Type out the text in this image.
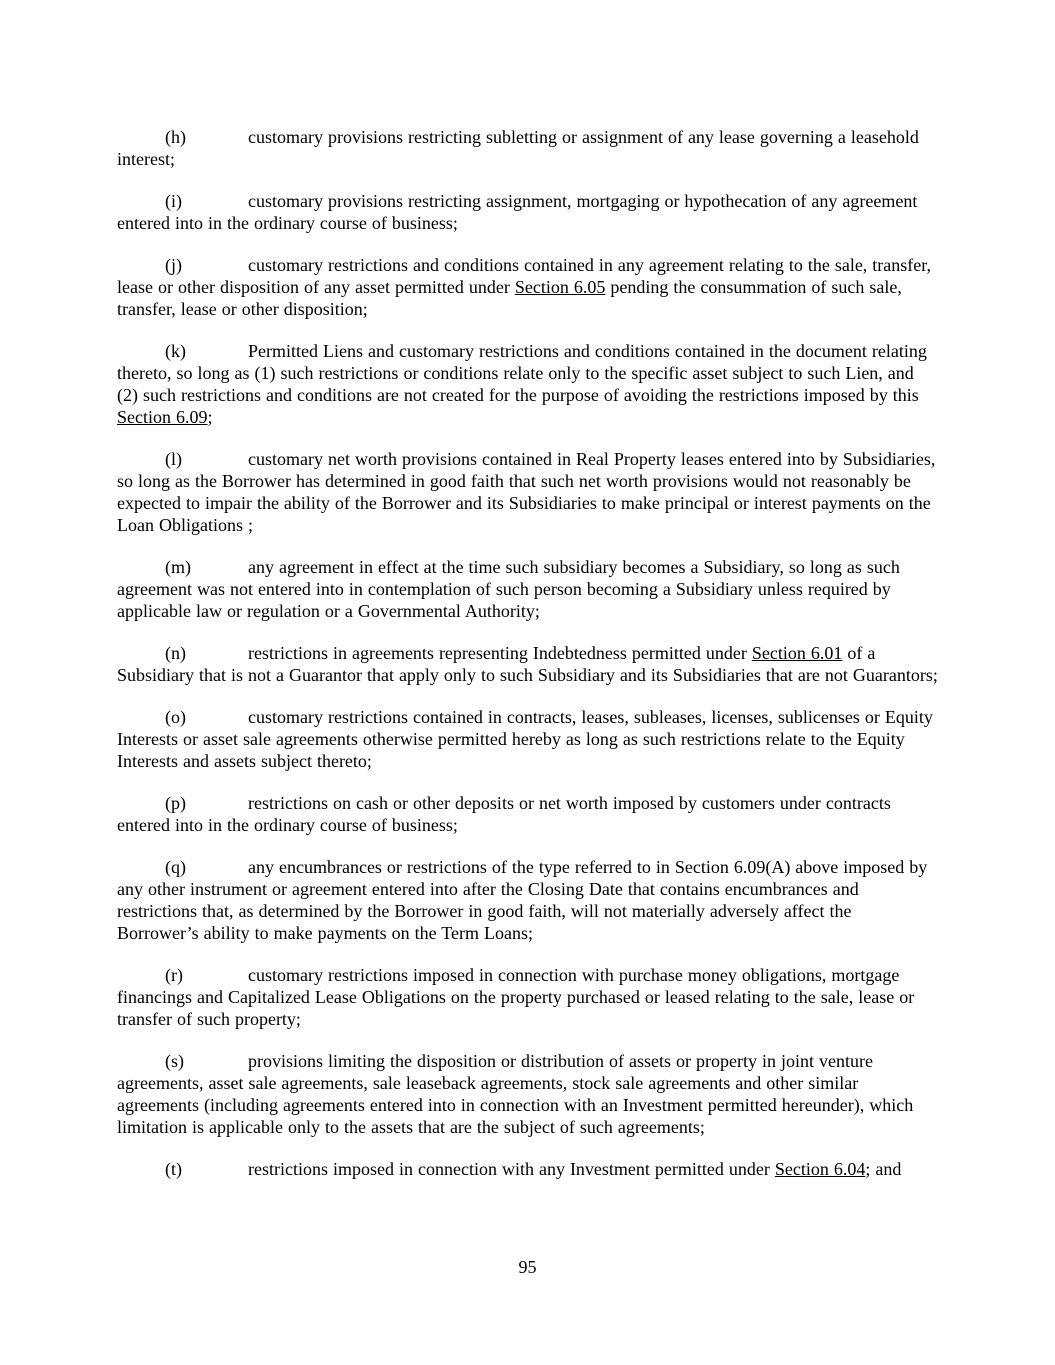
(h)	customary provisions restricting subletting or assignment of any lease governing a leasehold interest;

(i)	customary provisions restricting assignment, mortgaging or hypothecation of any agreement entered into in the ordinary course of business;

(j)	customary restrictions and conditions contained in any agreement relating to the sale, transfer, lease or other disposition of any asset permitted under Section 6.05 pending the consummation of such sale, transfer, lease or other disposition;

(k)	Permitted Liens and customary restrictions and conditions contained in the document relating thereto, so long as (1) such restrictions or conditions relate only to the specific asset subject to such Lien, and (2) such restrictions and conditions are not created for the purpose of avoiding the restrictions imposed by this Section 6.09;

(l)	customary net worth provisions contained in Real Property leases entered into by Subsidiaries, so long as the Borrower has determined in good faith that such net worth provisions would not reasonably be expected to impair the ability of the Borrower and its Subsidiaries to make principal or interest payments on the Loan Obligations ;

(m)	any agreement in effect at the time such subsidiary becomes a Subsidiary, so long as such agreement was not entered into in contemplation of such person becoming a Subsidiary unless required by applicable law or regulation or a Governmental Authority;

(n)	restrictions in agreements representing Indebtedness permitted under Section 6.01 of a Subsidiary that is not a Guarantor that apply only to such Subsidiary and its Subsidiaries that are not Guarantors;

(o)	customary restrictions contained in contracts, leases, subleases, licenses, sublicenses or Equity Interests or asset sale agreements otherwise permitted hereby as long as such restrictions relate to the Equity Interests and assets subject thereto;

(p)	restrictions on cash or other deposits or net worth imposed by customers under contracts entered into in the ordinary course of business;

(q)	any encumbrances or restrictions of the type referred to in Section 6.09(A) above imposed by any other instrument or agreement entered into after the Closing Date that contains encumbrances and restrictions that, as determined by the Borrower in good faith, will not materially adversely affect the Borrower’s ability to make payments on the Term Loans;

(r)	customary restrictions imposed in connection with purchase money obligations, mortgage financings and Capitalized Lease Obligations on the property purchased or leased relating to the sale, lease or transfer of such property;

(s)	provisions limiting the disposition or distribution of assets or property in joint venture agreements, asset sale agreements, sale leaseback agreements, stock sale agreements and other similar agreements (including agreements entered into in connection with an Investment permitted hereunder), which limitation is applicable only to the assets that are the subject of such agreements;

(t)	restrictions imposed in connection with any Investment permitted under Section 6.04; and

95
